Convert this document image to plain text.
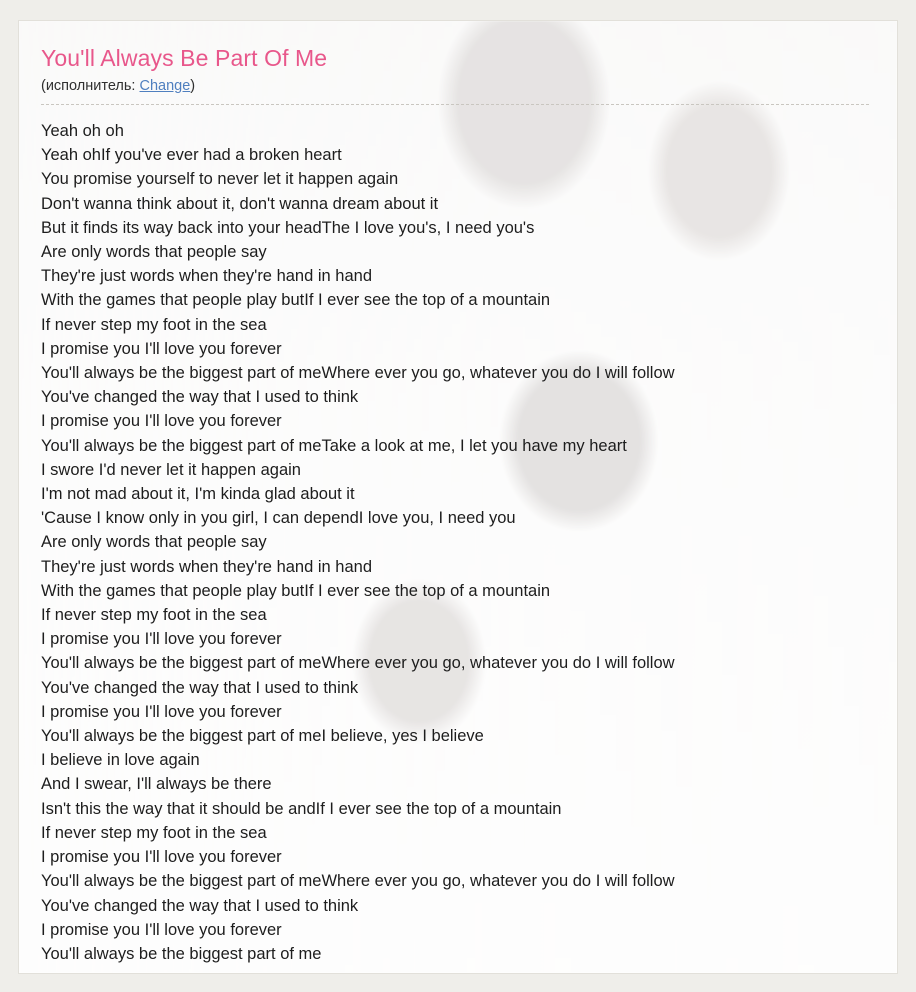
You'll Always Be Part Of Me
(исполнитель: Change)
Yeah oh oh
Yeah ohIf you've ever had a broken heart
You promise yourself to never let it happen again
Don't wanna think about it, don't wanna dream about it
But it finds its way back into your headThe I love you's, I need you's
Are only words that people say
They're just words when they're hand in hand
With the games that people play butIf I ever see the top of a mountain
If never step my foot in the sea
I promise you I'll love you forever
You'll always be the biggest part of meWhere ever you go, whatever you do I will follow
You've changed the way that I used to think
I promise you I'll love you forever
You'll always be the biggest part of meTake a look at me, I let you have my heart
I swore I'd never let it happen again
I'm not mad about it, I'm kinda glad about it
'Cause I know only in you girl, I can dependI love you, I need you
Are only words that people say
They're just words when they're hand in hand
With the games that people play butIf I ever see the top of a mountain
If never step my foot in the sea
I promise you I'll love you forever
You'll always be the biggest part of meWhere ever you go, whatever you do I will follow
You've changed the way that I used to think
I promise you I'll love you forever
You'll always be the biggest part of meI believe, yes I believe
I believe in love again
And I swear, I'll always be there
Isn't this the way that it should be andIf I ever see the top of a mountain
If never step my foot in the sea
I promise you I'll love you forever
You'll always be the biggest part of meWhere ever you go, whatever you do I will follow
You've changed the way that I used to think
I promise you I'll love you forever
You'll always be the biggest part of me
